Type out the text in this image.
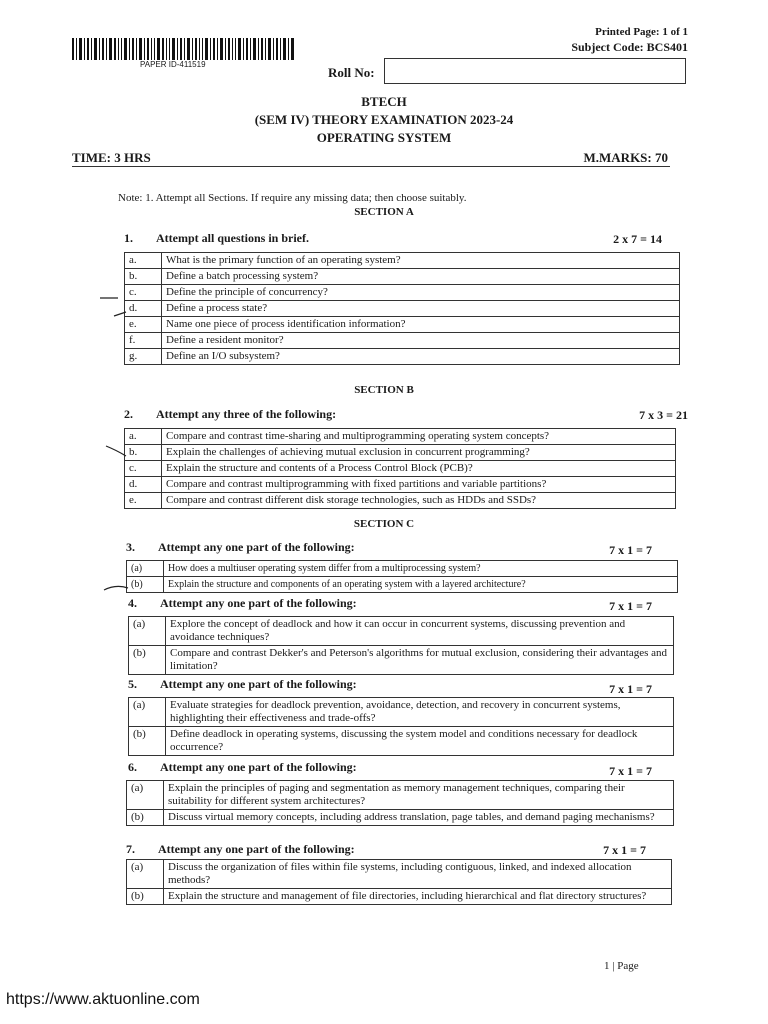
PAPER ID-411519
Printed Page: 1 of 1
Subject Code: BCS401
Roll No:
BTECH
(SEM IV) THEORY EXAMINATION 2023-24
OPERATING SYSTEM
TIME: 3 HRS	M.MARKS: 70
Note: 1. Attempt all Sections. If require any missing data; then choose suitably.
SECTION A
1. Attempt all questions in brief.	2 x 7 = 14
a.	What is the primary function of an operating system?
b.	Define a batch processing system?
c.	Define the principle of concurrency?
d.	Define a process state?
e.	Name one piece of process identification information?
f.	Define a resident monitor?
g.	Define an I/O subsystem?
SECTION B
2. Attempt any three of the following:	7 x 3 = 21
a.	Compare and contrast time-sharing and multiprogramming operating system concepts?
b.	Explain the challenges of achieving mutual exclusion in concurrent programming?
c.	Explain the structure and contents of a Process Control Block (PCB)?
d.	Compare and contrast multiprogramming with fixed partitions and variable partitions?
e.	Compare and contrast different disk storage technologies, such as HDDs and SSDs?
SECTION C
3. Attempt any one part of the following:	7 x 1 = 7
(a)	How does a multiuser operating system differ from a multiprocessing system?
(b)	Explain the structure and components of an operating system with a layered architecture?
4. Attempt any one part of the following:	7 x 1 = 7
(a)	Explore the concept of deadlock and how it can occur in concurrent systems, discussing prevention and avoidance techniques?
(b)	Compare and contrast Dekker's and Peterson's algorithms for mutual exclusion, considering their advantages and limitation?
5. Attempt any one part of the following:	7 x 1 = 7
(a)	Evaluate strategies for deadlock prevention, avoidance, detection, and recovery in concurrent systems, highlighting their effectiveness and trade-offs?
(b)	Define deadlock in operating systems, discussing the system model and conditions necessary for deadlock occurrence?
6. Attempt any one part of the following:	7 x 1 = 7
(a)	Explain the principles of paging and segmentation as memory management techniques, comparing their suitability for different system architectures?
(b)	Discuss virtual memory concepts, including address translation, page tables, and demand paging mechanisms?
7. Attempt any one part of the following:	7 x 1 = 7
(a)	Discuss the organization of files within file systems, including contiguous, linked, and indexed allocation methods?
(b)	Explain the structure and management of file directories, including hierarchical and flat directory structures?
1 | Page
https://www.aktuonline.com
